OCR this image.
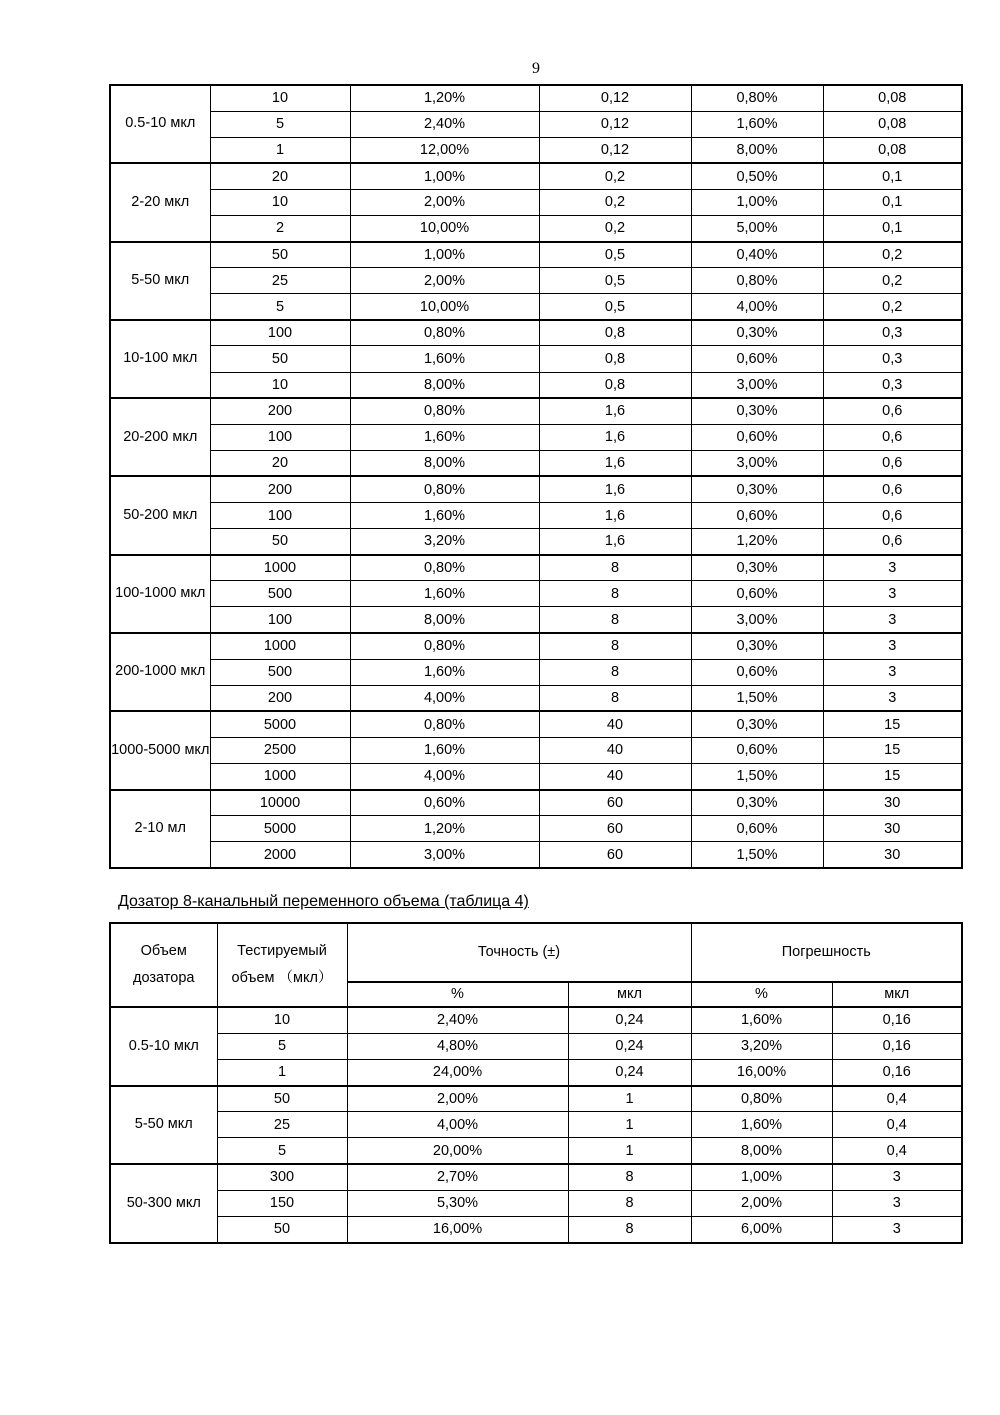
9
0.5-10 мкл	10	1,20%	0,12	0,80%	0,08
	5	2,40%	0,12	1,60%	0,08
	1	12,00%	0,12	8,00%	0,08
2-20 мкл	20	1,00%	0,2	0,50%	0,1
	10	2,00%	0,2	1,00%	0,1
	2	10,00%	0,2	5,00%	0,1
5-50 мкл	50	1,00%	0,5	0,40%	0,2
	25	2,00%	0,5	0,80%	0,2
	5	10,00%	0,5	4,00%	0,2
10-100 мкл	100	0,80%	0,8	0,30%	0,3
	50	1,60%	0,8	0,60%	0,3
	10	8,00%	0,8	3,00%	0,3
20-200 мкл	200	0,80%	1,6	0,30%	0,6
	100	1,60%	1,6	0,60%	0,6
	20	8,00%	1,6	3,00%	0,6
50-200 мкл	200	0,80%	1,6	0,30%	0,6
	100	1,60%	1,6	0,60%	0,6
	50	3,20%	1,6	1,20%	0,6
100-1000 мкл	1000	0,80%	8	0,30%	3
	500	1,60%	8	0,60%	3
	100	8,00%	8	3,00%	3
200-1000 мкл	1000	0,80%	8	0,30%	3
	500	1,60%	8	0,60%	3
	200	4,00%	8	1,50%	3
1000-5000 мкл	5000	0,80%	40	0,30%	15
	2500	1,60%	40	0,60%	15
	1000	4,00%	40	1,50%	15
2-10 мл	10000	0,60%	60	0,30%	30
	5000	1,20%	60	0,60%	30
	2000	3,00%	60	1,50%	30
Дозатор 8-канальный переменного объема (таблица 4)
Объем дозатора	Тестируемый объем （мкл）	Точность (±)		Погрешность	
		%	мкл	%	мкл
0.5-10 мкл	10	2,40%	0,24	1,60%	0,16
	5	4,80%	0,24	3,20%	0,16
	1	24,00%	0,24	16,00%	0,16
5-50 мкл	50	2,00%	1	0,80%	0,4
	25	4,00%	1	1,60%	0,4
	5	20,00%	1	8,00%	0,4
50-300 мкл	300	2,70%	8	1,00%	3
	150	5,30%	8	2,00%	3
	50	16,00%	8	6,00%	3
